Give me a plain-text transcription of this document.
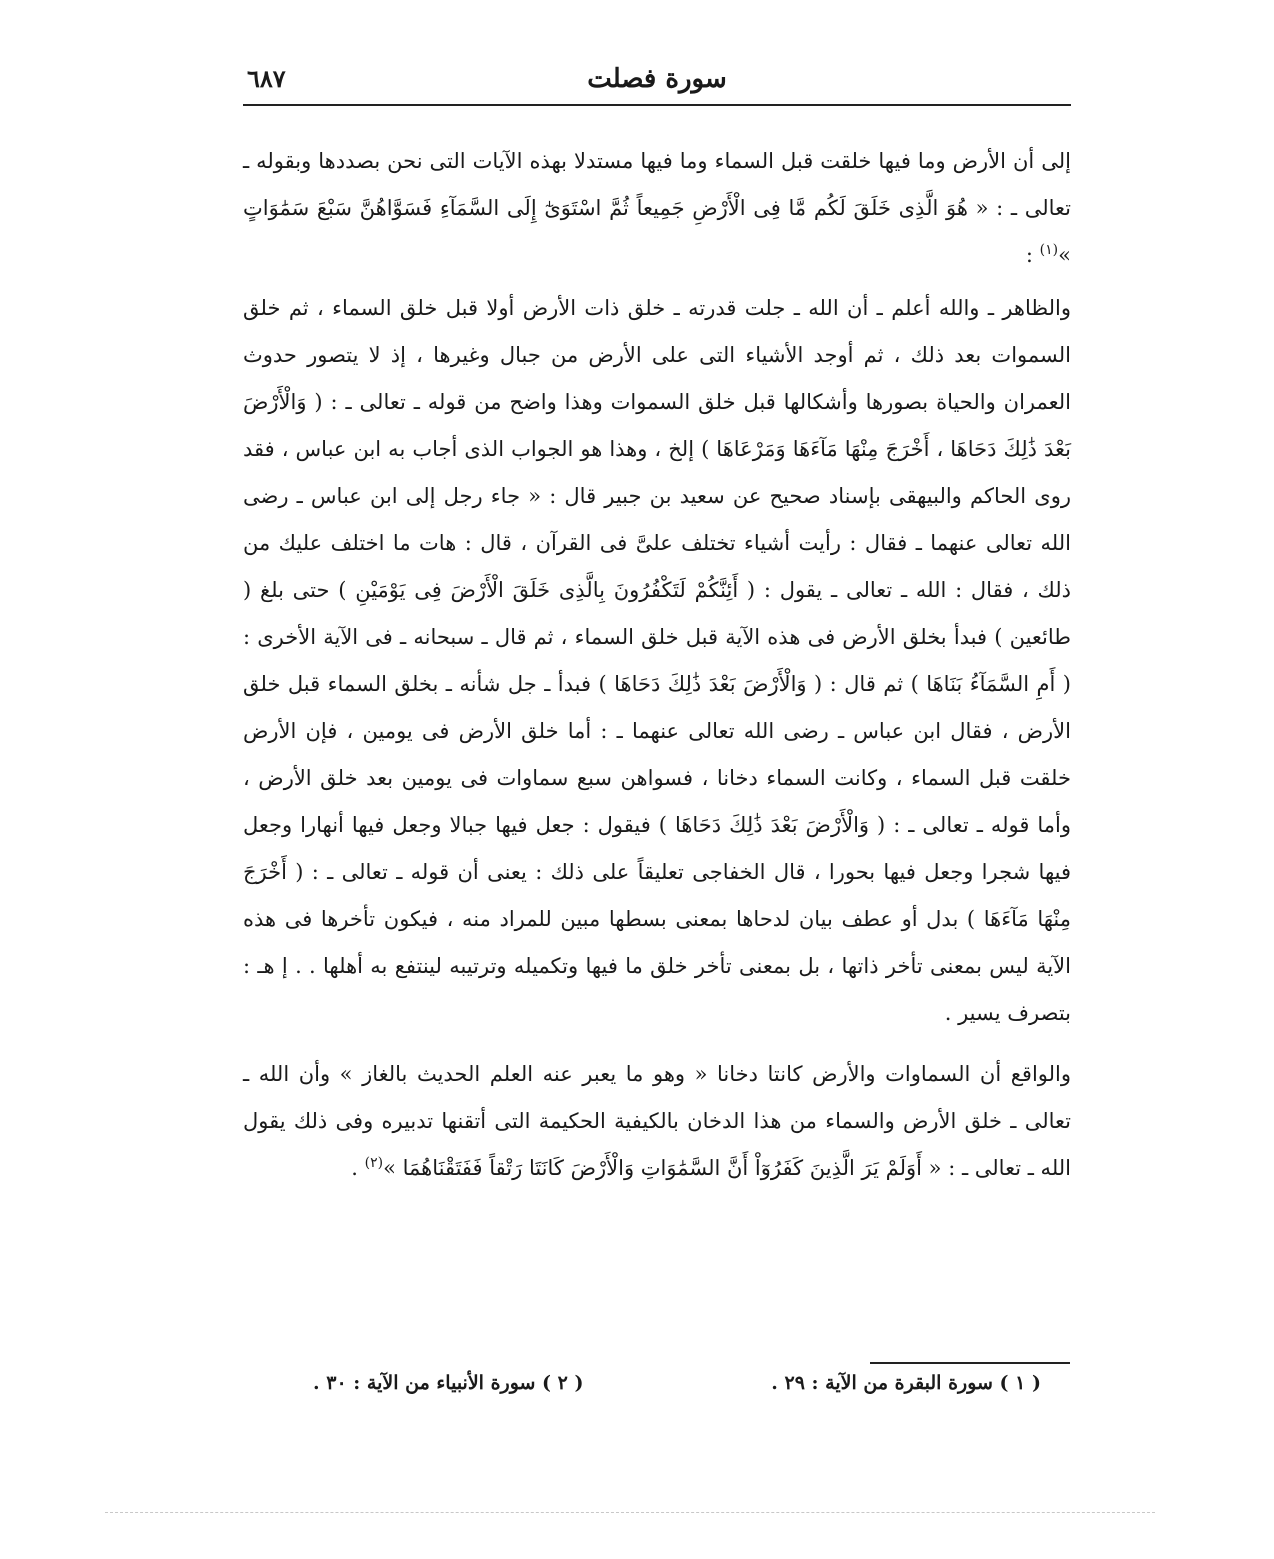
٦٨٧	سورة فصلت

إلى أن الأرض وما فيها خلقت قبل السماء وما فيها مستدلا بهذه الآيات التى نحن بصددها وبقوله ـ تعالى ـ : « هُوَ الَّذِى خَلَقَ لَكُم مَّا فِى الْأَرْضِ جَمِيعاً ثُمَّ اسْتَوَىٰٓ إِلَى السَّمَآءِ فَسَوَّاهُنَّ سَبْعَ سَمَٰوَاتٍ »$^{(١)}$ :

والظاهر ـ والله أعلم ـ أن الله ـ جلت قدرته ـ خلق ذات الأرض أولا قبل خلق السماء ، ثم خلق السموات بعد ذلك ، ثم أوجد الأشياء التى على الأرض من جبال وغيرها ، إذ لا يتصور حدوث العمران والحياة بصورها وأشكالها قبل خلق السموات وهذا واضح من قوله ـ تعالى ـ : ( وَالْأَرْضَ بَعْدَ ذَٰلِكَ دَحَاهَا ، أَخْرَجَ مِنْهَا مَآءَهَا وَمَرْعَاهَا ) إلخ ، وهذا هو الجواب الذى أجاب به ابن عباس ، فقد روى الحاكم والبيهقى بإسناد صحيح عن سعيد بن جبير قال : « جاء رجل إلى ابن عباس ـ رضى الله تعالى عنهما ـ فقال : رأيت أشياء تختلف علىَّ فى القرآن ، قال : هات ما اختلف عليك من ذلك ، فقال : الله ـ تعالى ـ يقول : ( أَئِنَّكُمْ لَتَكْفُرُونَ بِالَّذِى خَلَقَ الْأَرْضَ فِى يَوْمَيْنِ ) حتى بلغ ( طائعين ) فبدأ بخلق الأرض فى هذه الآية قبل خلق السماء ، ثم قال ـ سبحانه ـ فى الآية الأخرى : ( أَمِ السَّمَآءُ بَنَاهَا ) ثم قال : ( وَالْأَرْضَ بَعْدَ ذَٰلِكَ دَحَاهَا ) فبدأ ـ جل شأنه ـ بخلق السماء قبل خلق الأرض ، فقال ابن عباس ـ رضى الله تعالى عنهما ـ : أما خلق الأرض فى يومين ، فإن الأرض خلقت قبل السماء ، وكانت السماء دخانا ، فسواهن سبع سماوات فى يومين بعد خلق الأرض ، وأما قوله ـ تعالى ـ : ( وَالْأَرْضَ بَعْدَ ذَٰلِكَ دَحَاهَا ) فيقول : جعل فيها جبالا وجعل فيها أنهارا وجعل فيها شجرا وجعل فيها بحورا ، قال الخفاجى تعليقاً على ذلك : يعنى أن قوله ـ تعالى ـ : ( أَخْرَجَ مِنْهَا مَآءَهَا ) بدل أو عطف بيان لدحاها بمعنى بسطها مبين للمراد منه ، فيكون تأخرها فى هذه الآية ليس بمعنى تأخر ذاتها ، بل بمعنى تأخر خلق ما فيها وتكميله وترتيبه لينتفع به أهلها . . إ هـ : بتصرف يسير .

والواقع أن السماوات والأرض كانتا دخانا « وهو ما يعبر عنه العلم الحديث بالغاز » وأن الله ـ تعالى ـ خلق الأرض والسماء من هذا الدخان بالكيفية الحكيمة التى أتقنها تدبيره وفى ذلك يقول الله ـ تعالى ـ : « أَوَلَمْ يَرَ الَّذِينَ كَفَرُوٓاْ أَنَّ السَّمَٰوَاتِ وَالْأَرْضَ كَانَتَا رَتْقاً فَفَتَقْنَاهُمَا »$^{(٢)}$ .

( ١ ) سورة البقرة من الآية : ٢٩ .
( ٢ ) سورة الأنبياء من الآية : ٣٠ .
